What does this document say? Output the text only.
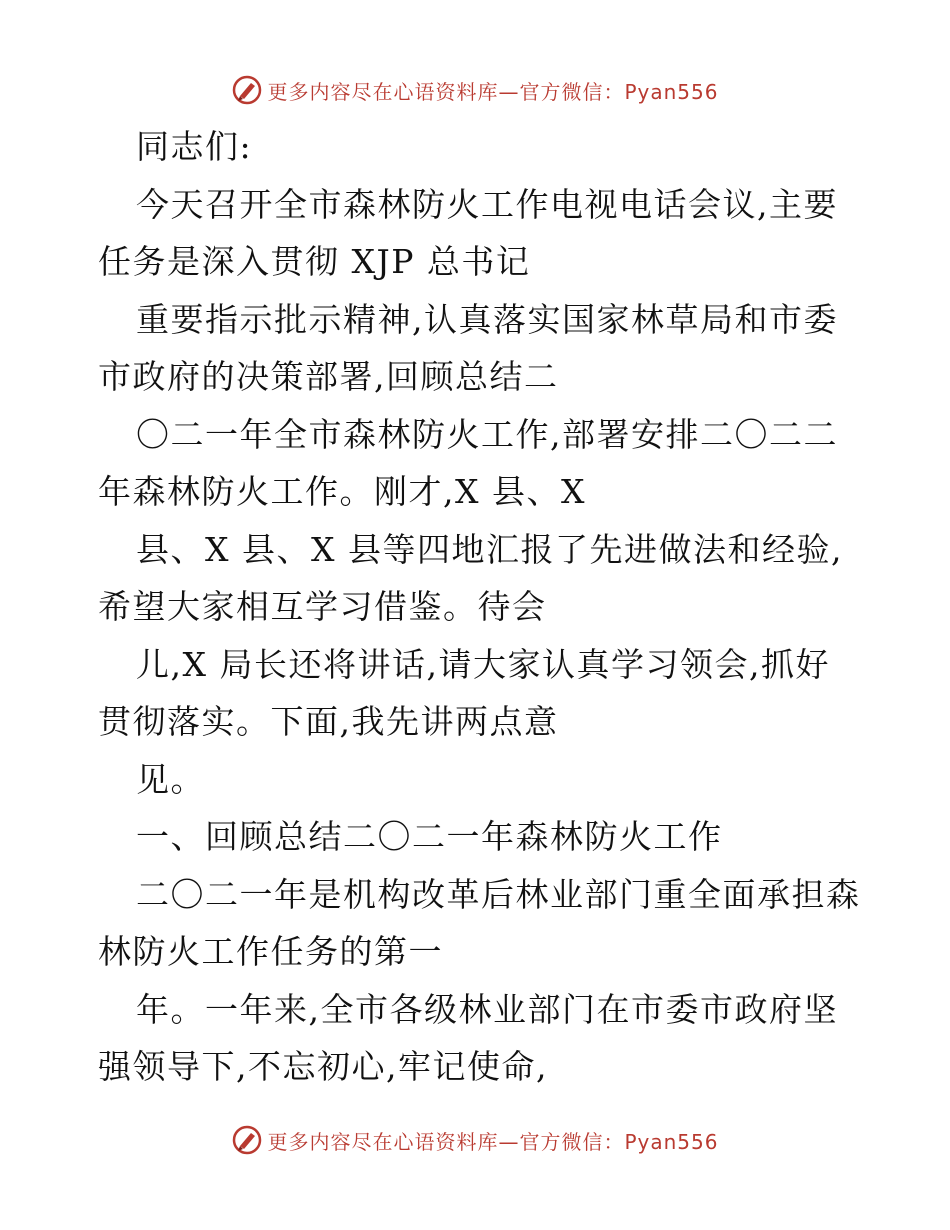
更多内容尽在心语资料库—官方微信：Pyan556
同志们:
今天召开全市森林防火工作电视电话会议,主要
任务是深入贯彻 XJP 总书记
重要指示批示精神,认真落实国家林草局和市委
市政府的决策部署,回顾总结二
〇二一年全市森林防火工作,部署安排二〇二二
年森林防火工作。刚才,X 县、X
县、X 县、X 县等四地汇报了先进做法和经验,
希望大家相互学习借鉴。待会
儿,X 局长还将讲话,请大家认真学习领会,抓好
贯彻落实。下面,我先讲两点意
见。
一、回顾总结二〇二一年森林防火工作
二〇二一年是机构改革后林业部门重全面承担森
林防火工作任务的第一
年。一年来,全市各级林业部门在市委市政府坚
强领导下,不忘初心,牢记使命,
更多内容尽在心语资料库—官方微信：Pyan556
